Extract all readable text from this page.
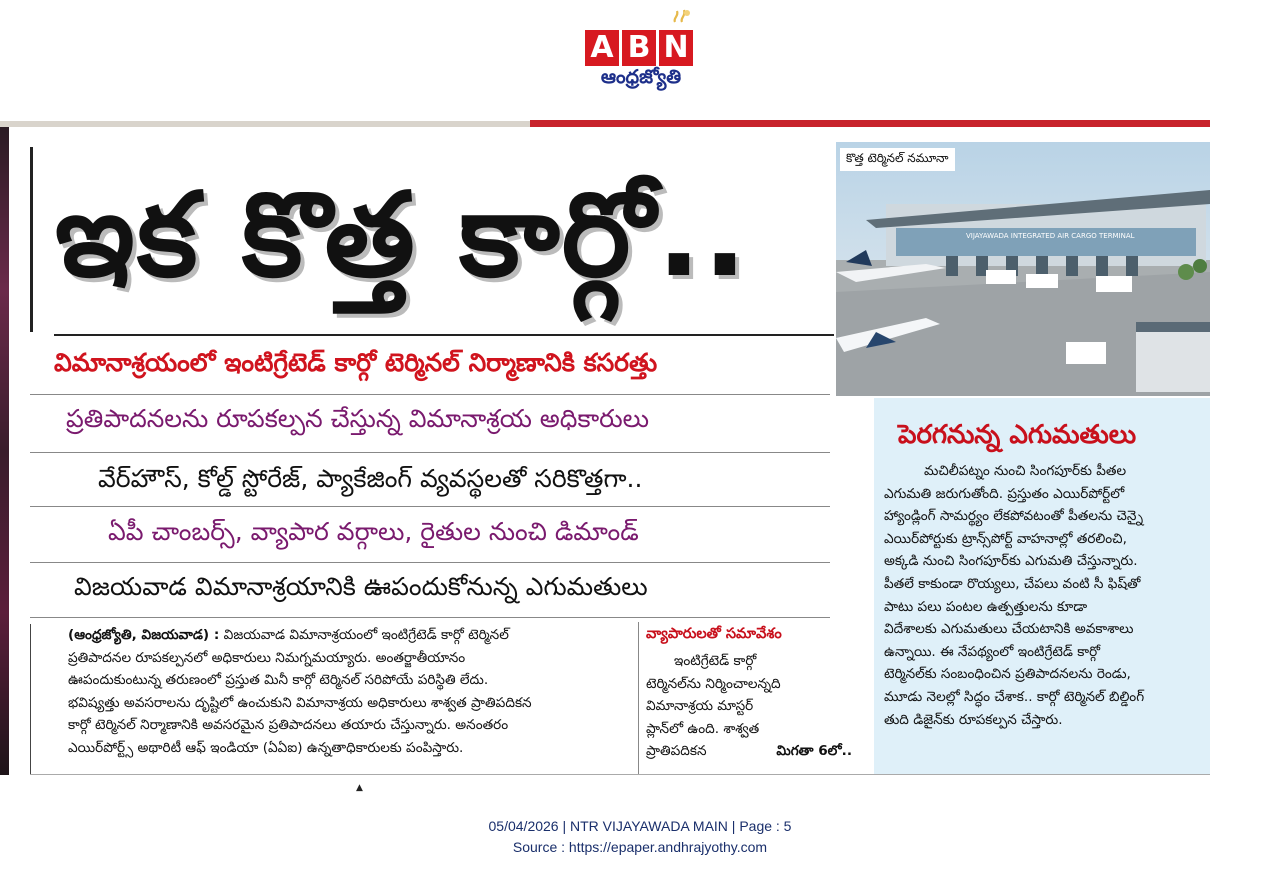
A B N
ఆంధ్రజ్యోతి
ఇక కొత్త కార్గో..
విమానాశ్రయంలో ఇంటిగ్రేటెడ్ కార్గో టెర్మినల్ నిర్మాణానికి కసరత్తు
ప్రతిపాదనలను రూపకల్పన చేస్తున్న విమానాశ్రయ అధికారులు
వేర్‌హౌస్, కోల్డ్ స్టోరేజ్, ప్యాకేజింగ్ వ్యవస్థలతో సరికొత్తగా..
ఏపీ చాంబర్స్, వ్యాపార వర్గాలు, రైతుల నుంచి డిమాండ్
విజయవాడ విమానాశ్రయానికి ఊపందుకోనున్న ఎగుమతులు
VIJAYAWADA INTEGRATED AIR CARGO TERMINAL
కొత్త టెర్మినల్ నమూనా
పెరగనున్న ఎగుమతులు
మచిలీపట్నం నుంచి సింగపూర్‌కు పీతల
ఎగుమతి జరుగుతోంది. ప్రస్తుతం ఎయిర్‌పోర్ట్‌లో
హ్యాండ్లింగ్ సామర్థ్యం లేకపోవటంతో పీతలను చెన్నై
ఎయిర్‌పోర్టుకు ట్రాన్స్‌పోర్ట్ వాహనాల్లో తరలించి,
అక్కడి నుంచి సింగపూర్‌కు ఎగుమతి చేస్తున్నారు.
పీతలే కాకుండా రొయ్యలు, చేపలు వంటి సీ ఫిష్‌తో
పాటు పలు పంటల ఉత్పత్తులను కూడా
విదేశాలకు ఎగుమతులు చేయటానికి అవకాశాలు
ఉన్నాయి. ఈ నేపథ్యంలో ఇంటిగ్రేటెడ్ కార్గో
టెర్మినల్‌కు సంబంధించిన ప్రతిపాదనలను రెండు,
మూడు నెలల్లో సిద్ధం చేశాక.. కార్గో టెర్మినల్ బిల్డింగ్
తుది డిజైన్‌కు రూపకల్పన చేస్తారు.
(ఆంధ్రజ్యోతి, విజయవాడ) : విజయవాడ విమానాశ్రయంలో ఇంటిగ్రేటెడ్ కార్గో టెర్మినల్
ప్రతిపాదనల రూపకల్పనలో అధికారులు నిమగ్నమయ్యారు. అంతర్జాతీయానం
ఊపందుకుంటున్న తరుణంలో ప్రస్తుత మినీ కార్గో టెర్మినల్ సరిపోయే పరిస్థితి లేదు.
భవిష్యత్తు అవసరాలను దృష్టిలో ఉంచుకుని విమానాశ్రయ అధికారులు శాశ్వత ప్రాతిపదికన
కార్గో టెర్మినల్ నిర్మాణానికి అవసరమైన ప్రతిపాదనలు తయారు చేస్తున్నారు. అనంతరం
ఎయిర్‌పోర్ట్స్ అథారిటీ ఆఫ్ ఇండియా (ఏఏఐ) ఉన్నతాధికారులకు పంపిస్తారు.
వ్యాపారులతో సమావేశం
ఇంటిగ్రేటెడ్ కార్గో
టెర్మినల్‌ను నిర్మించాలన్నది
విమానాశ్రయ మాస్టర్
ప్లాన్‌లో ఉంది. శాశ్వత
ప్రాతిపదికన	మిగతా 6లో..
▲
05/04/2026 | NTR VIJAYAWADA MAIN | Page : 5
Source : https://epaper.andhrajyothy.com
